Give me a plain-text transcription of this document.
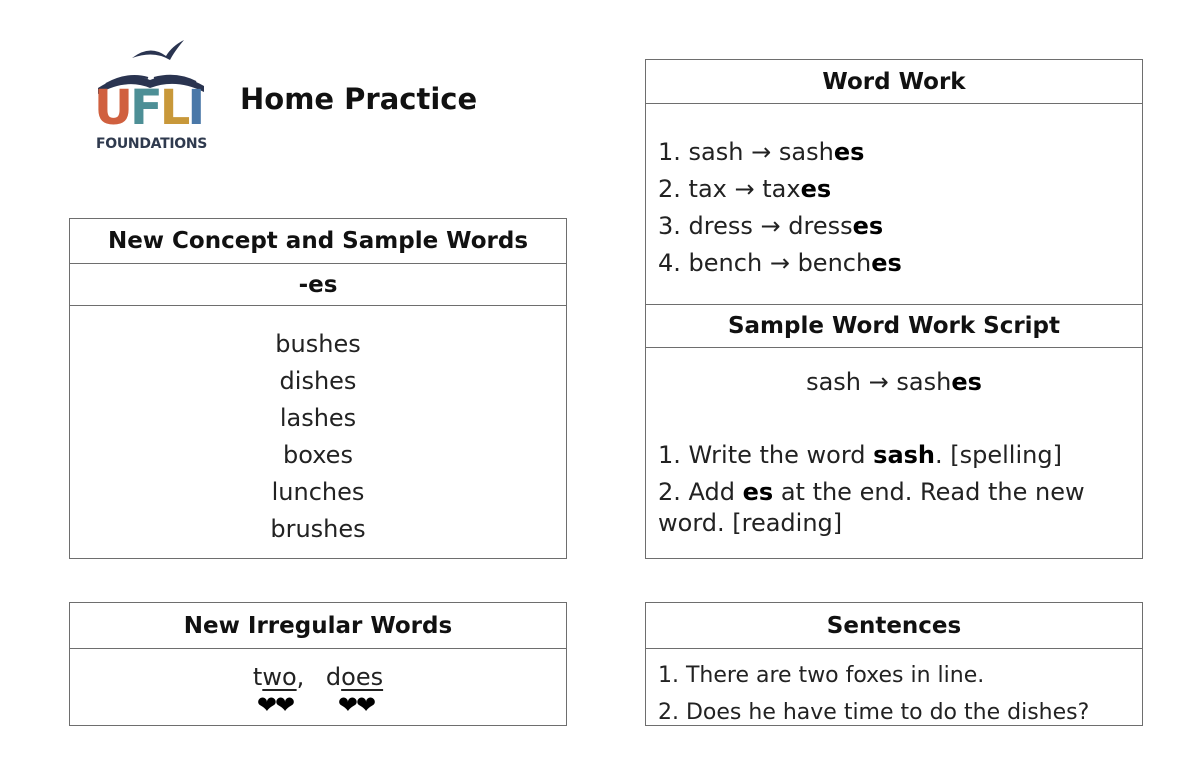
UFLI
FOUNDATIONS
Home Practice
New Concept and Sample Words
-es
bushes
dishes
lashes
boxes
lunches
brushes
New Irregular Words
two,
❤❤
does
❤❤
Word Work
1. sash → sashes
2. tax → taxes
3. dress → dresses
4. bench → benches
Sample Word Work Script
sash → sashes
1. Write the word sash. [spelling]
2. Add es at the end. Read the new word. [reading]
Sentences
1. There are two foxes in line.
2. Does he have time to do the dishes?
